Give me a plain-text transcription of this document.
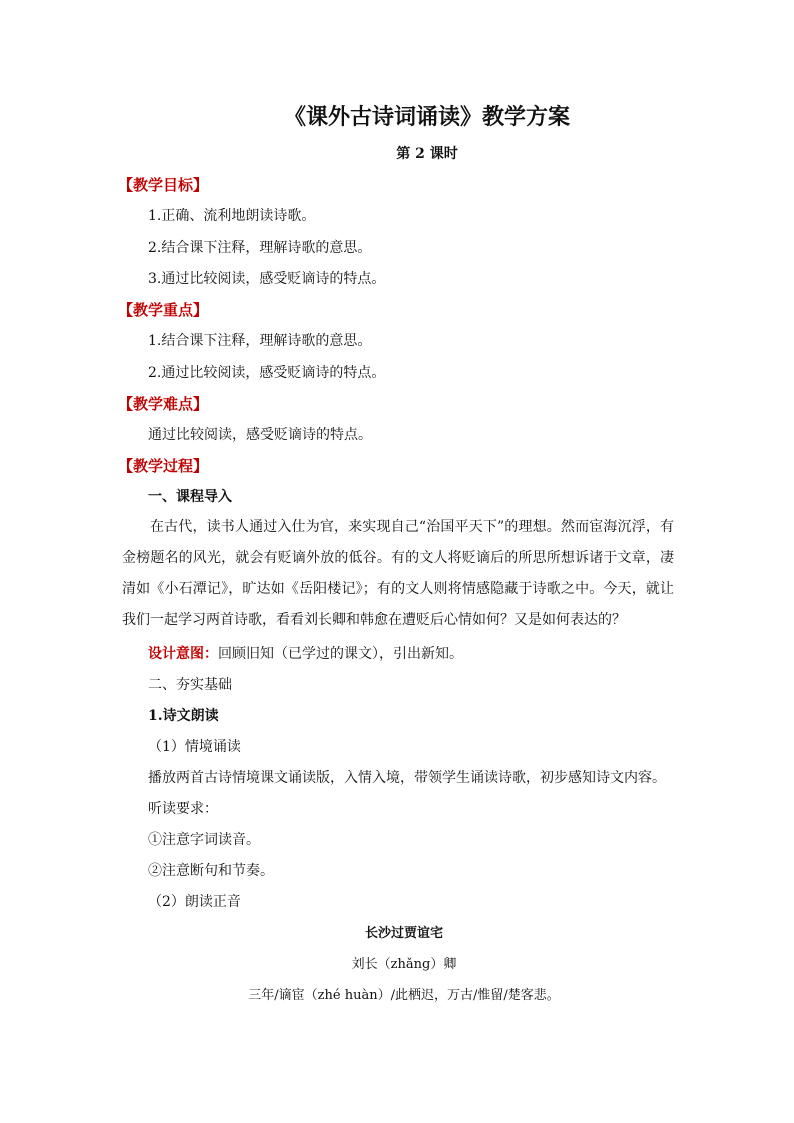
《课外古诗词诵读》教学方案
第 2 课时
【教学目标】
1.正确、流利地朗读诗歌。
2.结合课下注释，理解诗歌的意思。
3.通过比较阅读，感受贬谪诗的特点。
【教学重点】
1.结合课下注释，理解诗歌的意思。
2.通过比较阅读，感受贬谪诗的特点。
【教学难点】
通过比较阅读，感受贬谪诗的特点。
【教学过程】
一、课程导入
在古代，读书人通过入仕为官，来实现自己“治国平天下”的理想。然而宦海沉浮，有金榜题名的风光，就会有贬谪外放的低谷。有的文人将贬谪后的所思所想诉诸于文章，凄清如《小石潭记》，旷达如《岳阳楼记》；有的文人则将情感隐藏于诗歌之中。今天，就让我们一起学习两首诗歌，看看刘长卿和韩愈在遭贬后心情如何？又是如何表达的？
设计意图：回顾旧知（已学过的课文），引出新知。
二、夯实基础
1.诗文朗读
（1）情境诵读
播放两首古诗情境课文诵读版，入情入境，带领学生诵读诗歌，初步感知诗文内容。
听读要求：
①注意字词读音。
②注意断句和节奏。
（2）朗读正音
长沙过贾谊宅
刘长（zhǎng）卿
三年/谪宦（zhé huàn）/此栖迟，万古/惟留/楚客悲。
